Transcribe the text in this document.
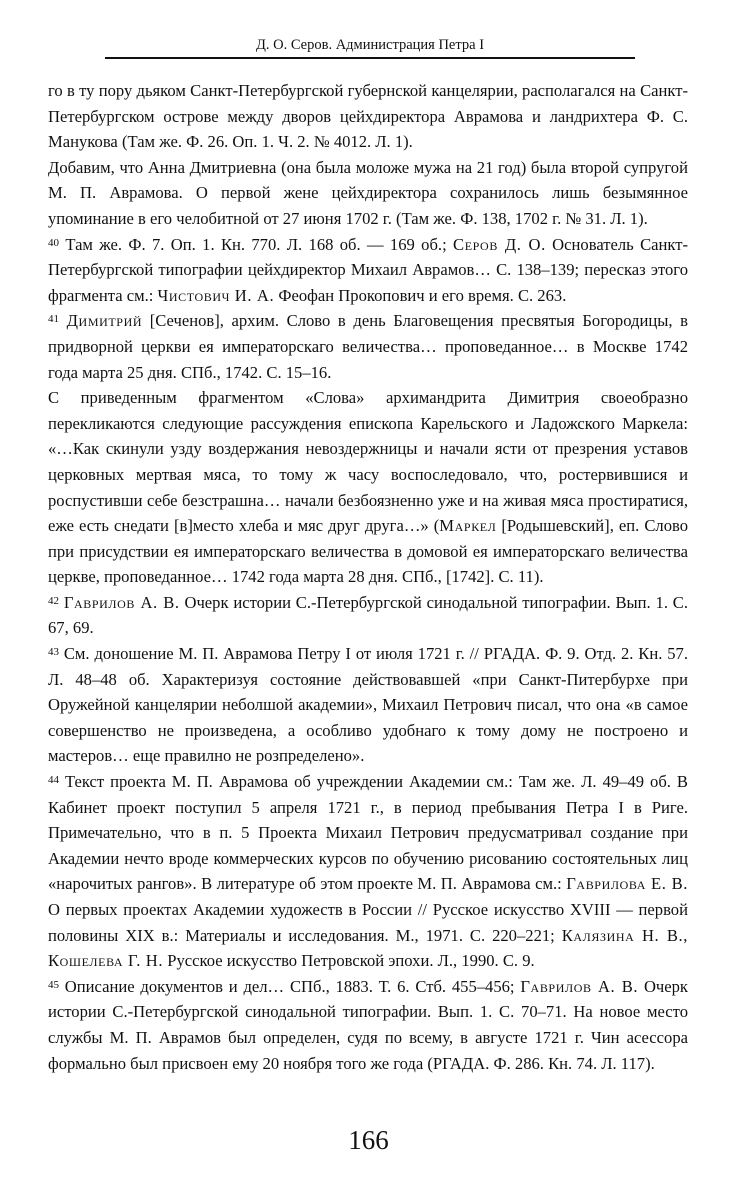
Д. О. Серов. Администрация Петра I

го в ту пору дьяком Санкт-Петербургской губернской канцелярии, располагался на Санкт-Петербургском острове между дворов цейхдиректора Аврамова и ландрихтера Ф. С. Манукова (Там же. Ф. 26. Оп. 1. Ч. 2. № 4012. Л. 1).

Добавим, что Анна Дмитриевна (она была моложе мужа на 21 год) была второй супругой М. П. Аврамова. О первой жене цейхдиректора сохранилось лишь безымянное упоминание в его челобитной от 27 июня 1702 г. (Там же. Ф. 138, 1702 г. № 31. Л. 1).

$^{40}$ Там же. Ф. 7. Оп. 1. Кн. 770. Л. 168 об. — 169 об.; Серов Д. О. Основатель Санкт-Петербургской типографии цейхдиректор Михаил Аврамов… С. 138–139; пересказ этого фрагмента см.: Чистович И. А. Феофан Прокопович и его время. С. 263.

$^{41}$ Димитрий [Сеченов], архим. Слово в день Благовещения пресвятыя Богородицы, в придворной церкви ея императорскаго величества… проповеданное… в Москве 1742 года марта 25 дня. СПб., 1742. С. 15–16.

С приведенным фрагментом «Слова» архимандрита Димитрия своеобразно перекликаются следующие рассуждения епископа Карельского и Ладожского Маркела: «…Как скинули узду воздержания невоздержницы и начали ясти от презрения уставов церковных мертвая мяса, то тому ж часу воспоследовало, что, ростервившися и роспустивши себе безстрашна… начали безбоязненно уже и на живая мяса простиратися, еже есть снедати [в]место хлеба и мяс друг друга…» (Маркел [Родышевский], еп. Слово при присудствии ея императорскаго величества в домовой ея императорскаго величества церкве, проповеданное… 1742 года марта 28 дня. СПб., [1742]. С. 11).

$^{42}$ Гаврилов А. В. Очерк истории С.-Петербургской синодальной типографии. Вып. 1. С. 67, 69.

$^{43}$ См. доношение М. П. Аврамова Петру I от июля 1721 г. // РГАДА. Ф. 9. Отд. 2. Кн. 57. Л. 48–48 об. Характеризуя состояние действовавшей «при Санкт-Питербурхе при Оружейной канцелярии неболшой академии», Михаил Петрович писал, что она «в самое совершенство не произведена, а особливо удобнаго к тому дому не построено и мастеров… еще правилно не розпределено».

$^{44}$ Текст проекта М. П. Аврамова об учреждении Академии см.: Там же. Л. 49–49 об. В Кабинет проект поступил 5 апреля 1721 г., в период пребывания Петра I в Риге. Примечательно, что в п. 5 Проекта Михаил Петрович предусматривал создание при Академии нечто вроде коммерческих курсов по обучению рисованию состоятельных лиц «нарочитых рангов». В литературе об этом проекте М. П. Аврамова см.: Гаврилова Е. В. О первых проектах Академии художеств в России // Русское искусство XVIII — первой половины XIX в.: Материалы и исследования. М., 1971. С. 220–221; Калязина Н. В., Кошелева Г. Н. Русское искусство Петровской эпохи. Л., 1990. С. 9.

$^{45}$ Описание документов и дел… СПб., 1883. Т. 6. Стб. 455–456; Гаврилов А. В. Очерк истории С.-Петербургской синодальной типографии. Вып. 1. С. 70–71. На новое место службы М. П. Аврамов был определен, судя по всему, в августе 1721 г. Чин асессора формально был присвоен ему 20 ноября того же года (РГАДА. Ф. 286. Кн. 74. Л. 117).

166
